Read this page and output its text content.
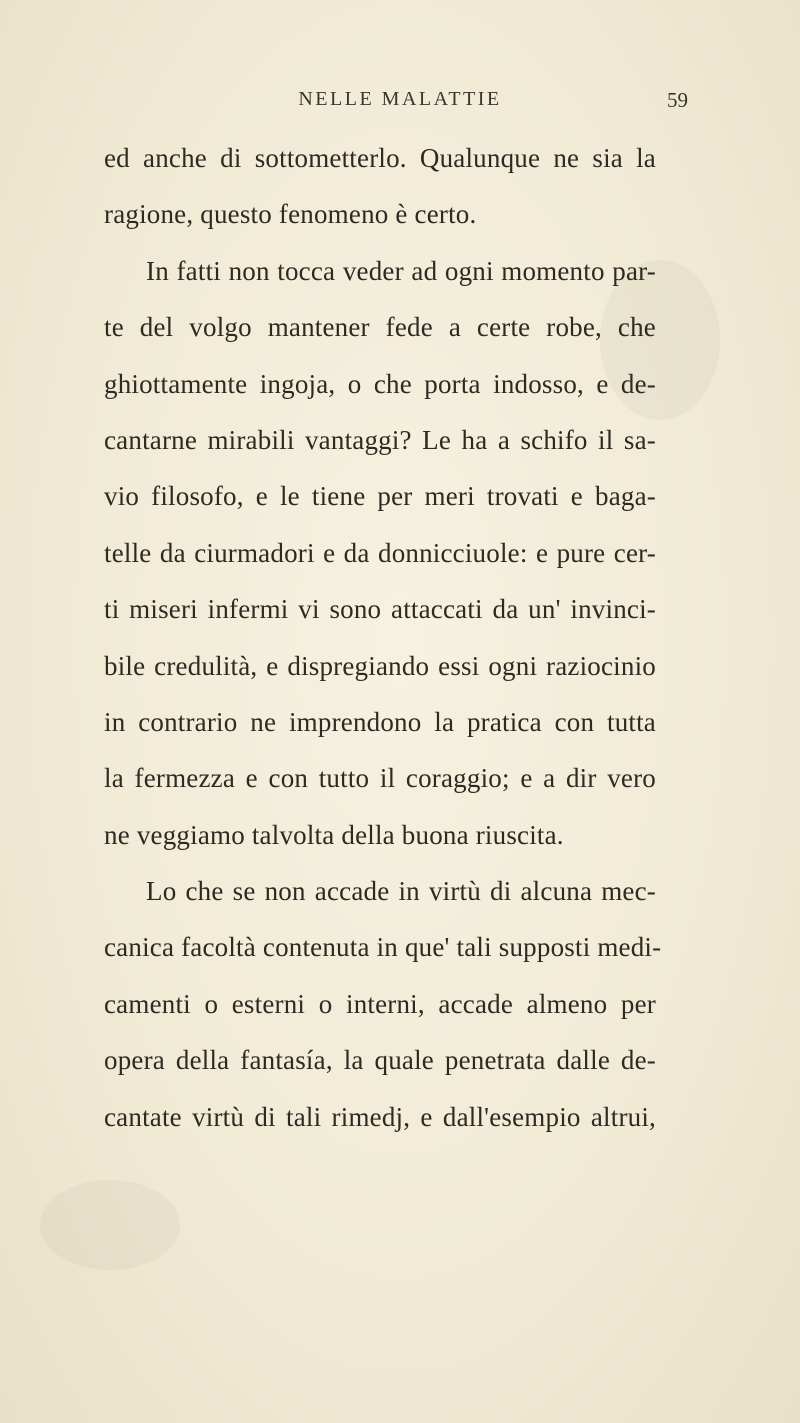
NELLE MALATTIE	59
ed anche di sottometterlo. Qualunque ne sia la
ragione, questo fenomeno è certo.
In fatti non tocca veder ad ogni momento par-
te del volgo mantener fede a certe robe, che
ghiottamente ingoja, o che porta indosso, e de-
cantarne mirabili vantaggi? Le ha a schifo il sa-
vio filosofo, e le tiene per meri trovati e baga-
telle da ciurmadori e da donnicciuole: e pure cer-
ti miseri infermi vi sono attaccati da un' invinci-
bile credulità, e dispregiando essi ogni raziocinio
in contrario ne imprendono la pratica con tutta
la fermezza e con tutto il coraggio; e a dir vero
ne veggiamo talvolta della buona riuscita.
Lo che se non accade in virtù di alcuna mec-
canica facoltà contenuta in que' tali supposti medi-
camenti o esterni o interni, accade almeno per
opera della fantasía, la quale penetrata dalle de-
cantate virtù di tali rimedj, e dall'esempio altrui,
